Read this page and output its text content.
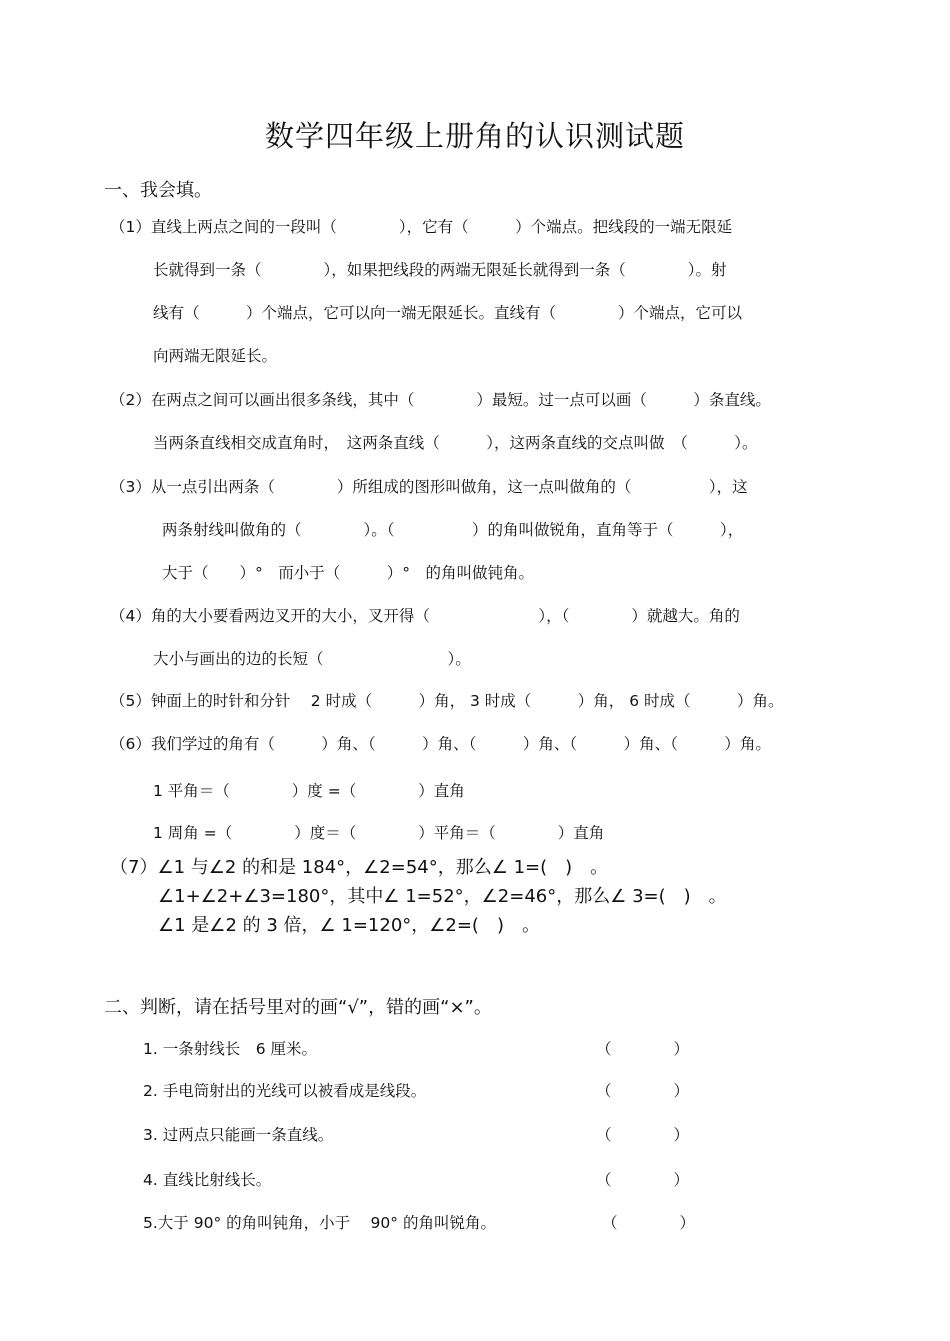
数学四年级上册角的认识测试题
一、我会填。
（1）直线上两点之间的一段叫（　　　　），它有（　　　）个端点。把线段的一端无限延
长就得到一条（　　　　），如果把线段的两端无限延长就得到一条（　　　　）。射
线有（　　　）个端点，它可以向一端无限延长。直线有（　　　　）个端点，它可以
向两端无限延长。
（2）在两点之间可以画出很多条线，其中（　　　　）最短。过一点可以画（　　　）条直线。
当两条直线相交成直角时，　这两条直线（　　　），这两条直线的交点叫做　（　　　）。
（3）从一点引出两条（　　　　）所组成的图形叫做角，这一点叫做角的（　　　　　），这
两条射线叫做角的（　　　　）。（　　　　　）的角叫做锐角，直角等于（　　　），
大于（　　）°　而小于（　　　）°　的角叫做钝角。
（4）角的大小要看两边叉开的大小，叉开得（　　　　　　　），（　　　　）就越大。角的
大小与画出的边的长短（　　　　　　　　）。
（5）钟面上的时针和分针　 2 时成（　　　）角， 3 时成（　　　）角， 6 时成（　　　）角。
（6）我们学过的角有（　　　）角、（　　　）角、（　　　）角、（　　　）角、（　　　）角。
1 平角＝（　　　　）度 =（　　　　）直角
1 周角 =（　　　　）度＝（　　　　）平角＝（　　　　）直角
（7）∠1 与∠2 的和是 184°，∠2=54°，那么∠ 1=(　)　。
∠1+∠2+∠3=180°，其中∠ 1=52°，∠2=46°，那么∠ 3=(　)　。
∠1 是∠2 的 3 倍，∠ 1=120°，∠2=(　)　。
二、判断，请在括号里对的画“√”，错的画“×”。
1. 一条射线长　6 厘米。	（　　　　）
2. 手电筒射出的光线可以被看成是线段。	（　　　　）
3. 过两点只能画一条直线。	（　　　　）
4. 直线比射线长。	（　　　　）
5.大于 90° 的角叫钝角，小于　 90° 的角叫锐角。	（　　　　）
